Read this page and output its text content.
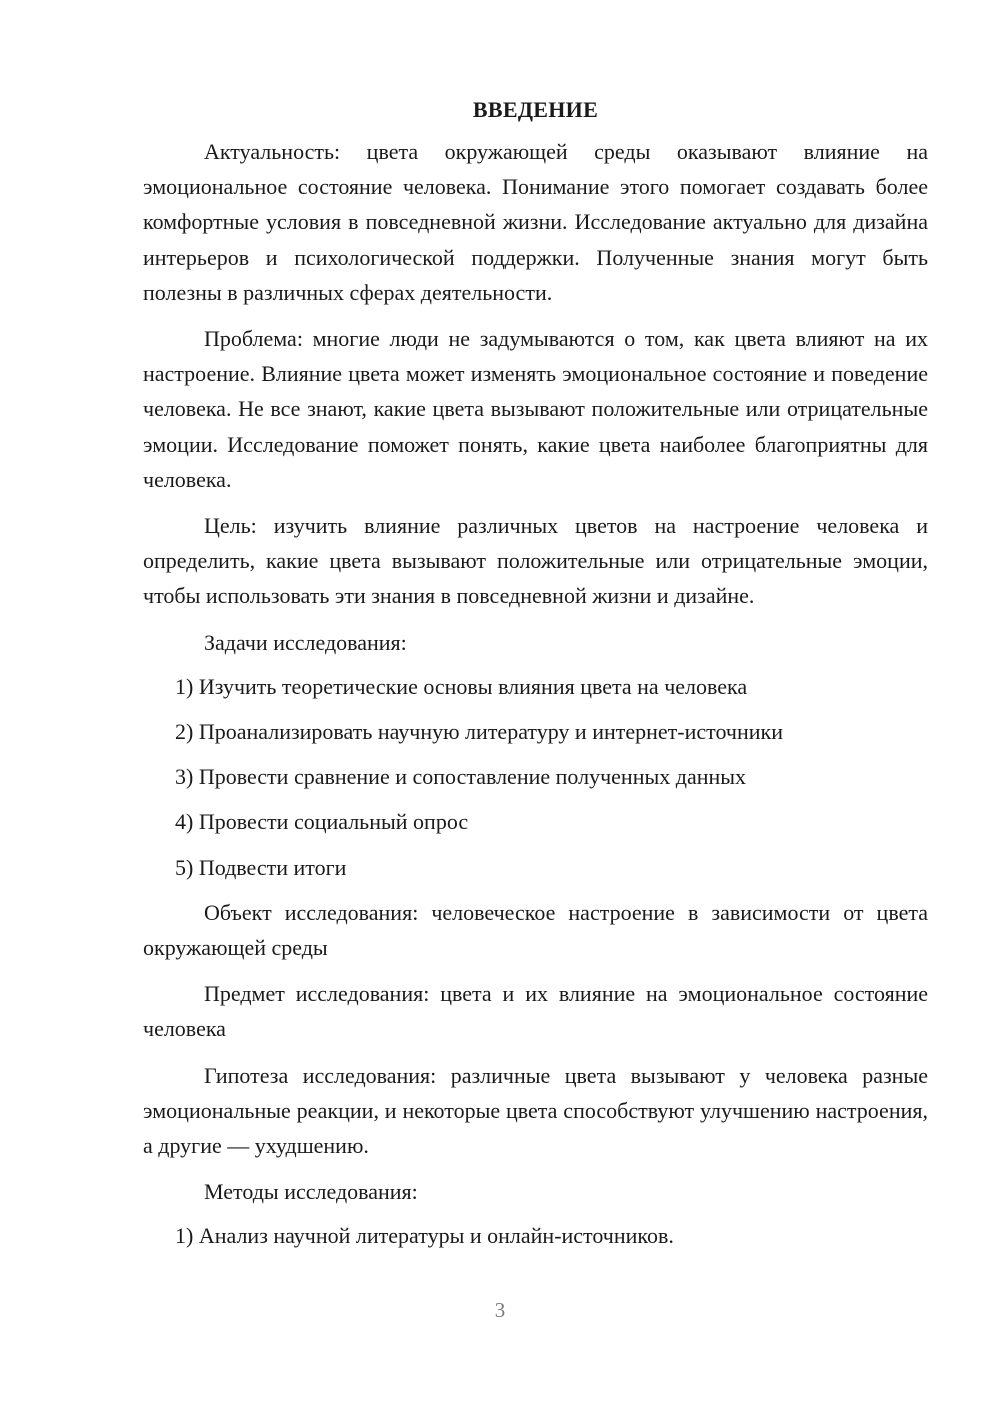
ВВЕДЕНИЕ

Актуальность: цвета окружающей среды оказывают влияние на эмоциональное состояние человека. Понимание этого помогает создавать более комфортные условия в повседневной жизни. Исследование актуально для дизайна интерьеров и психологической поддержки. Полученные знания могут быть полезны в различных сферах деятельности.

Проблема: многие люди не задумываются о том, как цвета влияют на их настроение. Влияние цвета может изменять эмоциональное состояние и поведение человека. Не все знают, какие цвета вызывают положительные или отрицательные эмоции. Исследование поможет понять, какие цвета наиболее благоприятны для человека.

Цель: изучить влияние различных цветов на настроение человека и определить, какие цвета вызывают положительные или отрицательные эмоции, чтобы использовать эти знания в повседневной жизни и дизайне.

Задачи исследования:

1) Изучить теоретические основы влияния цвета на человека
2) Проанализировать научную литературу и интернет-источники
3) Провести сравнение и сопоставление полученных данных
4) Провести социальный опрос
5) Подвести итоги

Объект исследования: человеческое настроение в зависимости от цвета окружающей среды

Предмет исследования: цвета и их влияние на эмоциональное состояние человека

Гипотеза исследования: различные цвета вызывают у человека разные эмоциональные реакции, и некоторые цвета способствуют улучшению настроения, а другие — ухудшению.

Методы исследования:

1) Анализ научной литературы и онлайн-источников.
3
